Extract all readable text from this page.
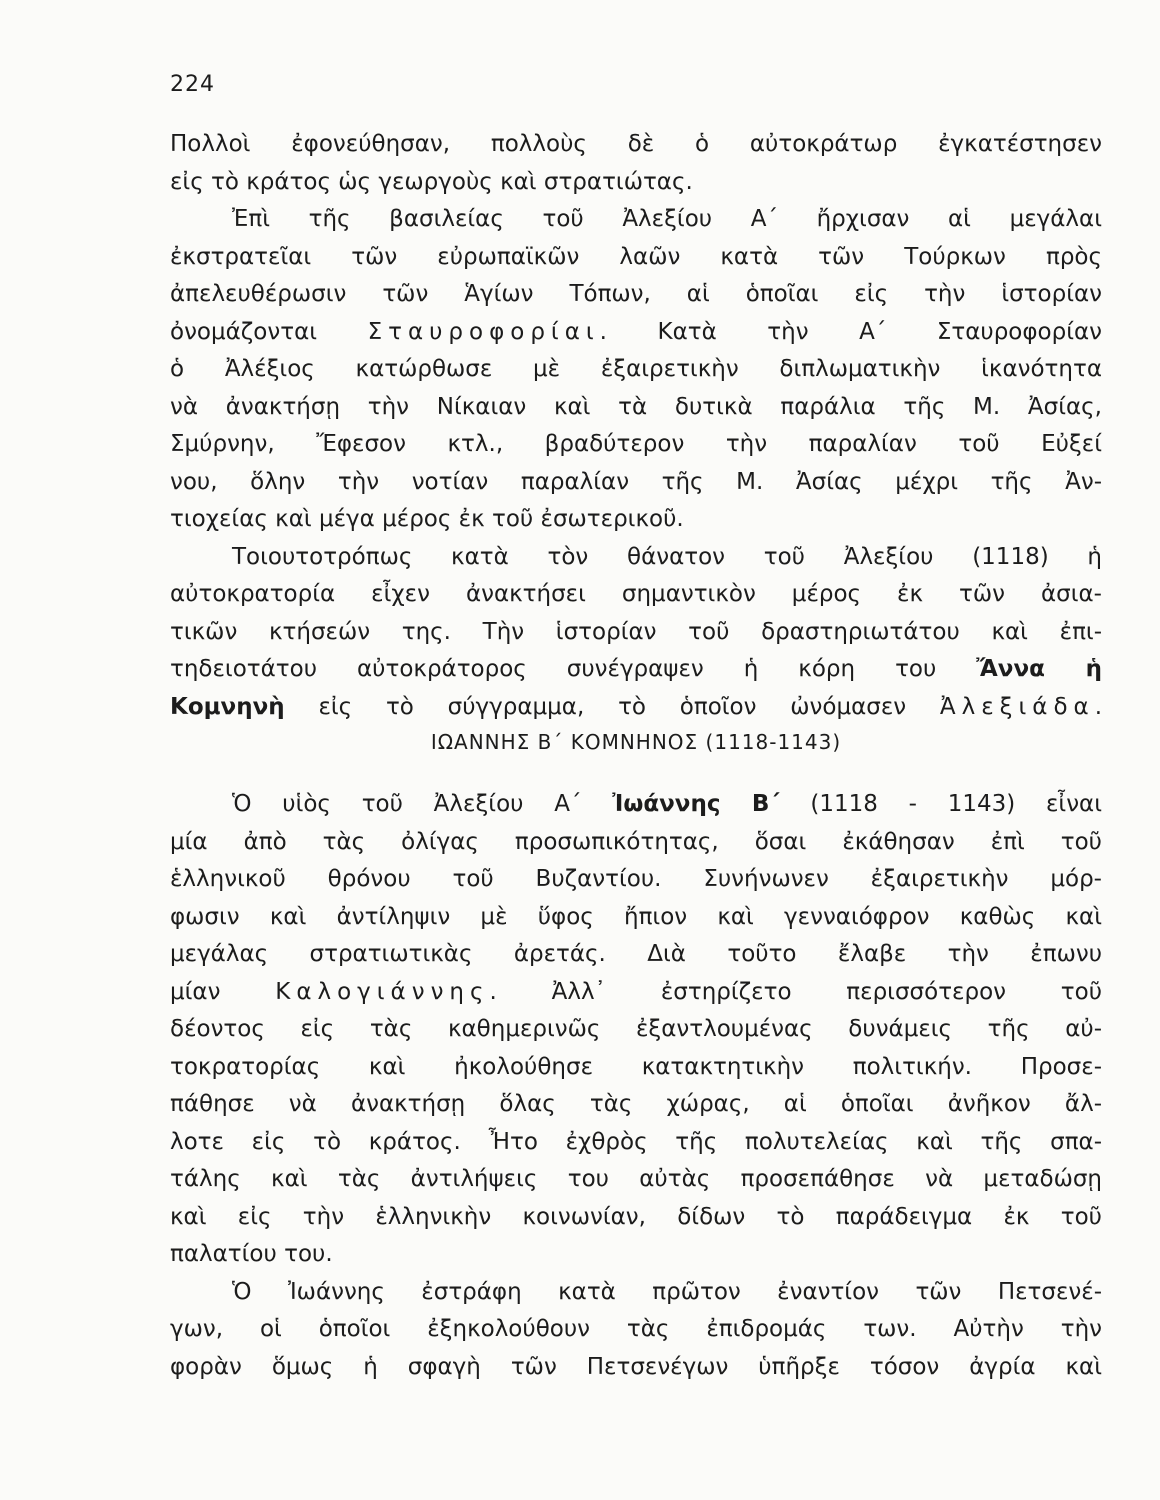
224
Πολλοὶ ἐφονεύθησαν, πολλοὺς δὲ ὁ αὐτοκράτωρ ἐγκατέστησεν
εἰς τὸ κράτος ὡς γεωργοὺς καὶ στρατιώτας.
Ἐπὶ τῆς βασιλείας τοῦ Ἀλεξίου Α΄ ἤρχισαν αἱ μεγάλαι
ἐκστρατεῖαι τῶν εὐρωπαϊκῶν λαῶν κατὰ τῶν Τούρκων πρὸς
ἀπελευθέρωσιν τῶν Ἁγίων Τόπων, αἱ ὁποῖαι εἰς τὴν ἱστορίαν
ὀνομάζονται Σταυροφορίαι. Κατὰ τὴν Α΄ Σταυροφορίαν
ὁ Ἀλέξιος κατώρθωσε μὲ ἐξαιρετικὴν διπλωματικὴν ἱκανότητα
νὰ ἀνακτήσῃ τὴν Νίκαιαν καὶ τὰ δυτικὰ παράλια τῆς Μ. Ἀσίας,
Σμύρνην, Ἔφεσον κτλ., βραδύτερον τὴν παραλίαν τοῦ Εὐξεί
νου, ὅλην τὴν νοτίαν παραλίαν τῆς Μ. Ἀσίας μέχρι τῆς Ἀν-
τιοχείας καὶ μέγα μέρος ἐκ τοῦ ἐσωτερικοῦ.
Τοιουτοτρόπως κατὰ τὸν θάνατον τοῦ Ἀλεξίου (1118) ἡ
αὐτοκρατορία εἶχεν ἀνακτήσει σημαντικὸν μέρος ἐκ τῶν ἀσια-
τικῶν κτήσεών της. Τὴν ἱστορίαν τοῦ δραστηριωτάτου καὶ ἐπι-
τηδειοτάτου αὐτοκράτορος συνέγραψεν ἡ κόρη του Ἄννα ἡ
Κομνηνὴ εἰς τὸ σύγγραμμα, τὸ ὁποῖον ὠνόμασεν Ἀλεξιάδα.
ΙΩΑΝΝΗΣ Β΄ ΚΟΜΝΗΝΟΣ (1118-1143)
Ὁ υἱὸς τοῦ Ἀλεξίου Α΄ Ἰωάννης Β΄ (1118 - 1143) εἶναι
μία ἀπὸ τὰς ὀλίγας προσωπικότητας, ὅσαι ἐκάθησαν ἐπὶ τοῦ
ἑλληνικοῦ θρόνου τοῦ Βυζαντίου. Συνήνωνεν ἐξαιρετικὴν μόρ-
φωσιν καὶ ἀντίληψιν μὲ ὕφος ἤπιον καὶ γενναιόφρον καθὼς καὶ
μεγάλας στρατιωτικὰς ἀρετάς. Διὰ τοῦτο ἔλαβε τὴν ἐπωνυ
μίαν Καλογιάννης. Ἀλλ᾽ ἐστηρίζετο περισσότερον τοῦ
δέοντος εἰς τὰς καθημερινῶς ἐξαντλουμένας δυνάμεις τῆς αὐ-
τοκρατορίας καὶ ἠκολούθησε κατακτητικὴν πολιτικήν. Προσε-
πάθησε νὰ ἀνακτήσῃ ὅλας τὰς χώρας, αἱ ὁποῖαι ἀνῆκον ἄλ-
λοτε εἰς τὸ κράτος. Ἦτο ἐχθρὸς τῆς πολυτελείας καὶ τῆς σπα-
τάλης καὶ τὰς ἀντιλήψεις του αὐτὰς προσεπάθησε νὰ μεταδώσῃ
καὶ εἰς τὴν ἑλληνικὴν κοινωνίαν, δίδων τὸ παράδειγμα ἐκ τοῦ
παλατίου του.
Ὁ Ἰωάννης ἐστράφη κατὰ πρῶτον ἐναντίον τῶν Πετσενέ-
γων, οἱ ὁποῖοι ἐξηκολούθουν τὰς ἐπιδρομάς των. Αὐτὴν τὴν
φορὰν ὅμως ἡ σφαγὴ τῶν Πετσενέγων ὑπῆρξε τόσον ἀγρία καὶ
